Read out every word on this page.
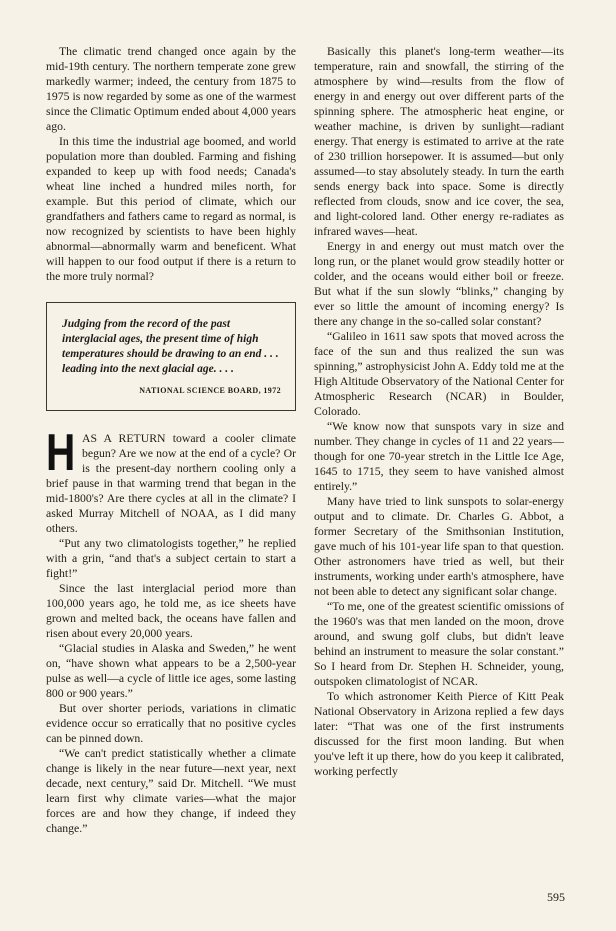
The climatic trend changed once again by the mid-19th century. The northern temperate zone grew markedly warmer; indeed, the century from 1875 to 1975 is now regarded by some as one of the warmest since the Climatic Optimum ended about 4,000 years ago.

In this time the industrial age boomed, and world population more than doubled. Farming and fishing expanded to keep up with food needs; Canada's wheat line inched a hundred miles north, for example. But this period of climate, which our grandfathers and fathers came to regard as normal, is now recognized by scientists to have been highly abnormal—abnormally warm and beneficent. What will happen to our food output if there is a return to the more truly normal?

Judging from the record of the past interglacial ages, the present time of high temperatures should be drawing to an end . . . leading into the next glacial age. . . .

NATIONAL SCIENCE BOARD, 1972

HAS A RETURN toward a cooler climate begun? Are we now at the end of a cycle? Or is the present-day northern cooling only a brief pause in that warming trend that began in the mid-1800's? Are there cycles at all in the climate? I asked Murray Mitchell of NOAA, as I did many others.

“Put any two climatologists together,” he replied with a grin, “and that's a subject certain to start a fight!”

Since the last interglacial period more than 100,000 years ago, he told me, as ice sheets have grown and melted back, the oceans have fallen and risen about every 20,000 years.

“Glacial studies in Alaska and Sweden,” he went on, “have shown what appears to be a 2,500-year pulse as well—a cycle of little ice ages, some lasting 800 or 900 years.”

But over shorter periods, variations in climatic evidence occur so erratically that no positive cycles can be pinned down.

“We can't predict statistically whether a climate change is likely in the near future—next year, next decade, next century,” said Dr. Mitchell. “We must learn first why climate varies—what the major forces are and how they change, if indeed they change.”

Basically this planet's long-term weather—its temperature, rain and snowfall, the stirring of the atmosphere by wind—results from the flow of energy in and energy out over different parts of the spinning sphere. The atmospheric heat engine, or weather machine, is driven by sunlight—radiant energy. That energy is estimated to arrive at the rate of 230 trillion horsepower. It is assumed—but only assumed—to stay absolutely steady. In turn the earth sends energy back into space. Some is directly reflected from clouds, snow and ice cover, the sea, and light-colored land. Other energy re-radiates as infrared waves—heat.

Energy in and energy out must match over the long run, or the planet would grow steadily hotter or colder, and the oceans would either boil or freeze. But what if the sun slowly “blinks,” changing by ever so little the amount of incoming energy? Is there any change in the so-called solar constant?

“Galileo in 1611 saw spots that moved across the face of the sun and thus realized the sun was spinning,” astrophysicist John A. Eddy told me at the High Altitude Observatory of the National Center for Atmospheric Research (NCAR) in Boulder, Colorado.

“We know now that sunspots vary in size and number. They change in cycles of 11 and 22 years—though for one 70-year stretch in the Little Ice Age, 1645 to 1715, they seem to have vanished almost entirely.”

Many have tried to link sunspots to solar-energy output and to climate. Dr. Charles G. Abbot, a former Secretary of the Smithsonian Institution, gave much of his 101-year life span to that question. Other astronomers have tried as well, but their instruments, working under earth's atmosphere, have not been able to detect any significant solar change.

“To me, one of the greatest scientific omissions of the 1960's was that men landed on the moon, drove around, and swung golf clubs, but didn't leave behind an instrument to measure the solar constant.” So I heard from Dr. Stephen H. Schneider, young, outspoken climatologist of NCAR.

To which astronomer Keith Pierce of Kitt Peak National Observatory in Arizona replied a few days later: “That was one of the first instruments discussed for the first moon landing. But when you've left it up there, how do you keep it calibrated, working perfectly

595
